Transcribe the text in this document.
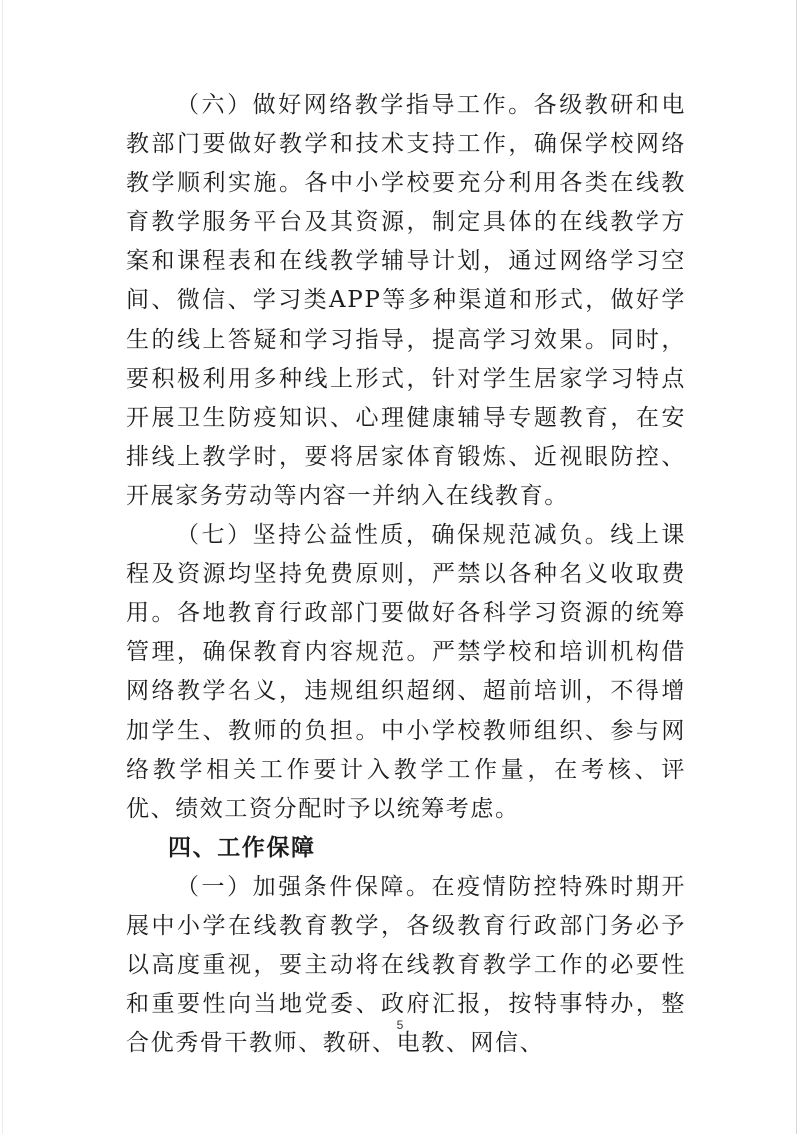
（六）做好网络教学指导工作。各级教研和电教部门要做好教学和技术支持工作，确保学校网络教学顺利实施。各中小学校要充分利用各类在线教育教学服务平台及其资源，制定具体的在线教学方案和课程表和在线教学辅导计划，通过网络学习空间、微信、学习类APP等多种渠道和形式，做好学生的线上答疑和学习指导，提高学习效果。同时，要积极利用多种线上形式，针对学生居家学习特点开展卫生防疫知识、心理健康辅导专题教育，在安排线上教学时，要将居家体育锻炼、近视眼防控、开展家务劳动等内容一并纳入在线教育。

（七）坚持公益性质，确保规范减负。线上课程及资源均坚持免费原则，严禁以各种名义收取费用。各地教育行政部门要做好各科学习资源的统筹管理，确保教育内容规范。严禁学校和培训机构借网络教学名义，违规组织超纲、超前培训，不得增加学生、教师的负担。中小学校教师组织、参与网络教学相关工作要计入教学工作量，在考核、评优、绩效工资分配时予以统筹考虑。

四、工作保障

（一）加强条件保障。在疫情防控特殊时期开展中小学在线教育教学，各级教育行政部门务必予以高度重视，要主动将在线教育教学工作的必要性和重要性向当地党委、政府汇报，按特事特办，整合优秀骨干教师、教研、电教、网信、

5
